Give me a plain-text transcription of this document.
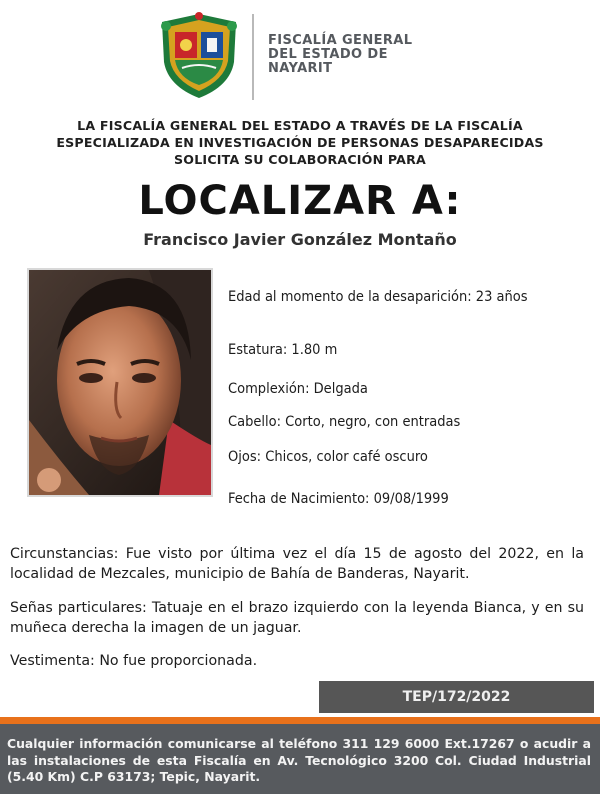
FISCALÍA GENERAL
DEL ESTADO DE
NAYARIT
LA FISCALÍA GENERAL DEL ESTADO A TRAVÉS DE LA FISCALÍA
ESPECIALIZADA EN INVESTIGACIÓN DE PERSONAS DESAPARECIDAS
SOLICITA SU COLABORACIÓN PARA
LOCALIZAR A:
Francisco Javier González Montaño
Edad al momento de la desaparición: 23 años
Estatura: 1.80 m
Complexión: Delgada
Cabello: Corto, negro, con entradas
Ojos: Chicos, color café oscuro
Fecha de Nacimiento: 09/08/1999
Circunstancias: Fue visto por última vez el día 15 de agosto del 2022, en la localidad de Mezcales, municipio de Bahía de Banderas, Nayarit.
Señas particulares: Tatuaje en el brazo izquierdo con la leyenda Bianca, y en su muñeca derecha la imagen de un jaguar.
Vestimenta: No fue proporcionada.
TEP/172/2022
Cualquier información comunicarse al teléfono 311 129 6000 Ext.17267 o acudir a las instalaciones de esta Fiscalía en Av. Tecnológico 3200 Col. Ciudad Industrial (5.40 Km) C.P 63173; Tepic, Nayarit.
